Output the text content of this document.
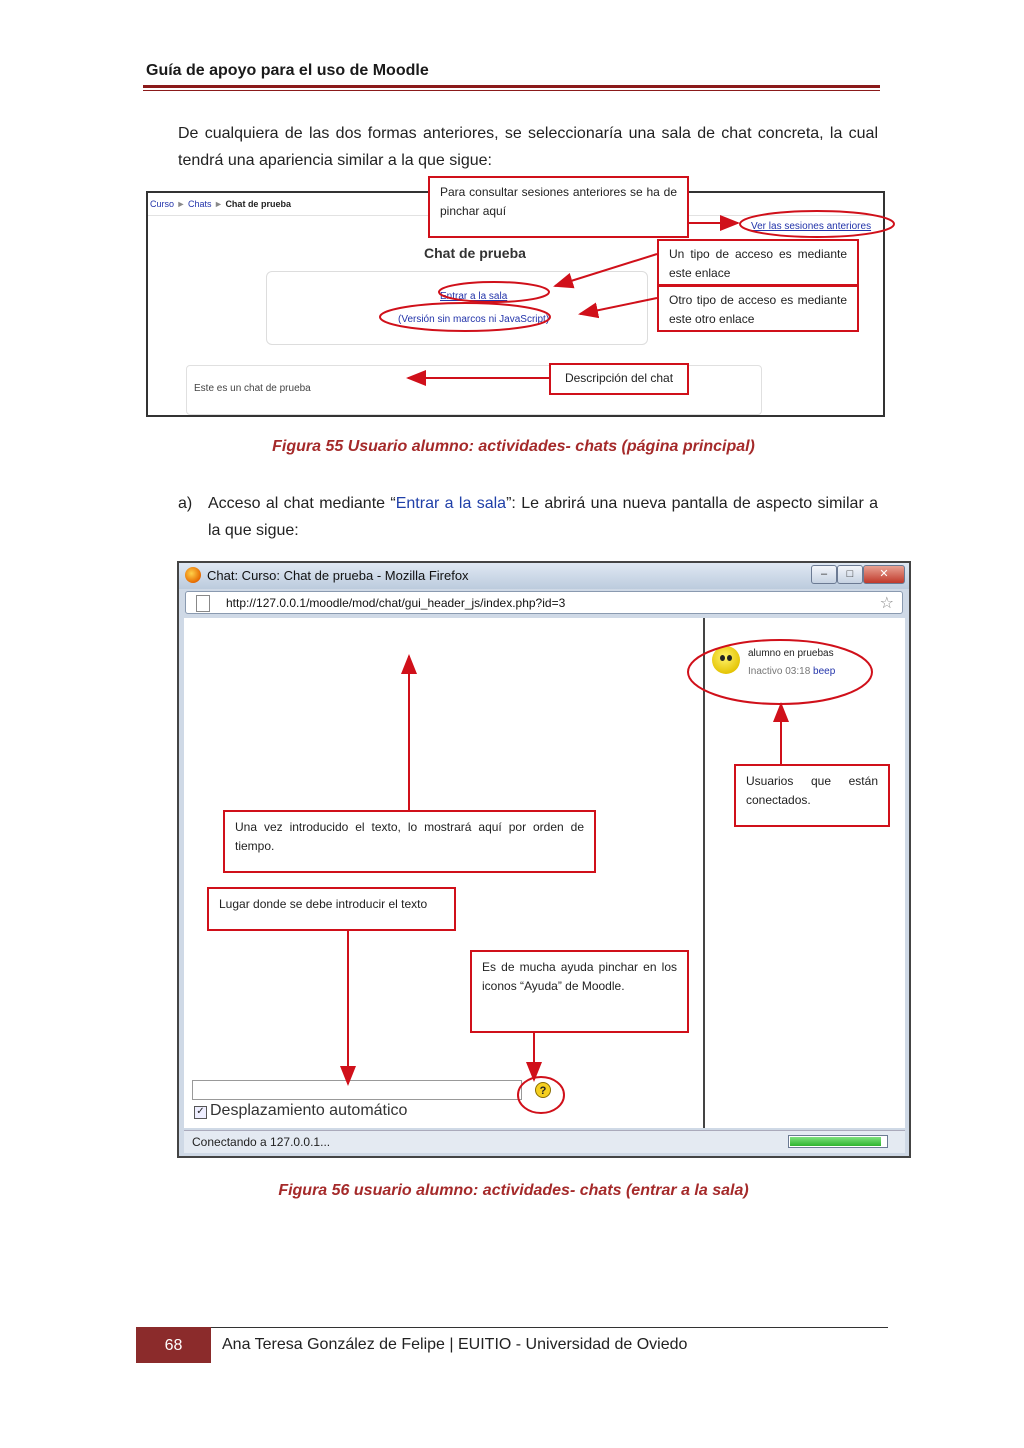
Guía de apoyo para el uso de Moodle
De cualquiera de las dos formas anteriores, se seleccionaría una sala de chat concreta, la cual tendrá una apariencia similar a la que sigue:
Curso ► Chats ► Chat de prueba
Chat de prueba
Entrar a la sala
(Versión sin marcos ni JavaScript)
Ver las sesiones anteriores
Este es un chat de prueba
Para consultar sesiones anteriores se ha de pinchar aquí
Un tipo de acceso es mediante este enlace
Otro tipo de acceso es mediante este otro enlace
Descripción del chat
Figura 55 Usuario alumno: actividades- chats (página principal)
a) Acceso al chat mediante “Entrar a la sala”: Le abrirá una nueva pantalla de aspecto similar a la que sigue:
Chat: Curso: Chat de prueba - Mozilla Firefox	–	□	✕
http://127.0.0.1/moodle/mod/chat/gui_header_js/index.php?id=3	☆
alumno en pruebas
Inactivo 03:18 beep
?
✓ Desplazamiento automático
Conectando a 127.0.0.1...
Usuarios que están conectados.
Una vez introducido el texto, lo mostrará aquí por orden de tiempo.
Lugar donde se debe introducir el texto
Es de mucha ayuda pinchar en los iconos “Ayuda” de Moodle.
Figura 56 usuario alumno: actividades- chats (entrar a la sala)
68	Ana Teresa González de Felipe | EUITIO - Universidad de Oviedo
